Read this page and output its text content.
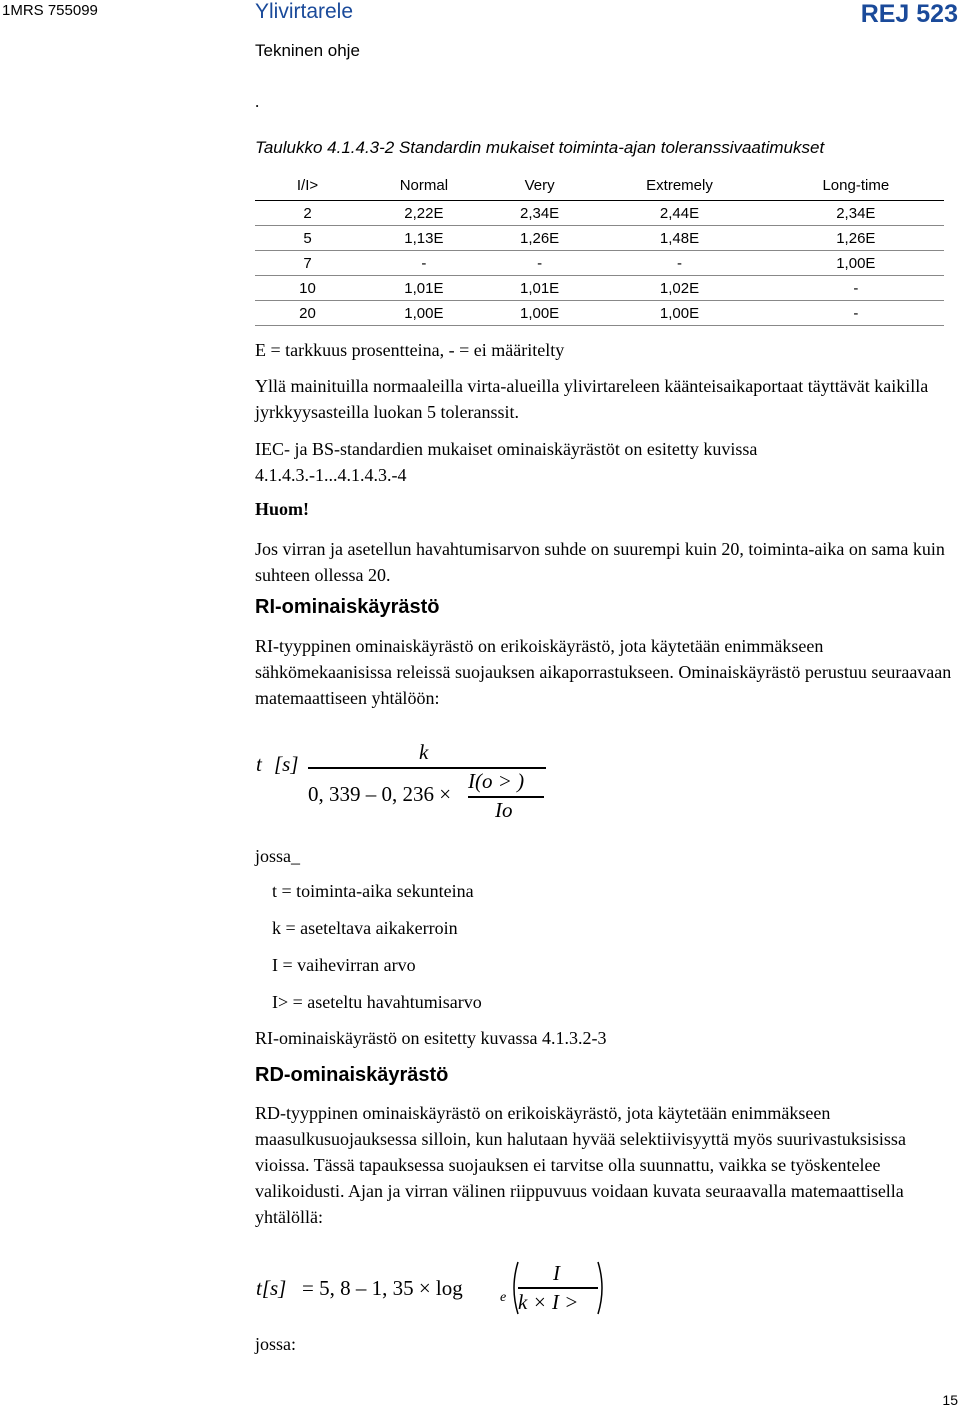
1MRS 755099	Ylivirtarele	REJ 523
Tekninen ohje
.
Taulukko 4.1.4.3-2 Standardin mukaiset toiminta-ajan toleranssivaatimukset
I/I>	Normal	Very	Extremely	Long-time
2	2,22E	2,34E	2,44E	2,34E
5	1,13E	1,26E	1,48E	1,26E
7	-	-	-	1,00E
10	1,01E	1,01E	1,02E	-
20	1,00E	1,00E	1,00E	-
E = tarkkuus prosentteina, - = ei määritelty
Yllä mainituilla normaaleilla virta-alueilla ylivirtareleen käänteisaikaportaat täyttävät kaikilla jyrkkyysasteilla luokan 5 toleranssit.
IEC- ja BS-standardien mukaiset ominaiskäyrästöt on esitetty kuvissa 4.1.4.3.-1...4.1.4.3.-4
Huom!
Jos virran ja asetellun havahtumisarvon suhde on suurempi kuin 20, toiminta-aika on sama kuin suhteen ollessa 20.
RI-ominaiskäyrästö
RI-tyyppinen ominaiskäyrästö on erikoiskäyrästö, jota käytetään enimmäkseen sähkömekaanisissa releissä suojauksen aikaporrastukseen. Ominaiskäyrästö perustuu seuraavaan matemaattiseen yhtälöön:
t [s]	k
0, 339 – 0, 236 ×
I(o > )
Io
jossa_
t = toiminta-aika sekunteina
k = aseteltava aikakerroin
I = vaihevirran arvo
I> = aseteltu havahtumisarvo
RI-ominaiskäyrästö on esitetty kuvassa 4.1.3.2-3
RD-ominaiskäyrästö
RD-tyyppinen ominaiskäyrästö on erikoiskäyrästö, jota käytetään enimmäkseen maasulkusuojauksessa silloin, kun halutaan hyvää selektiivisyyttä myös suurivastuksisissa vioissa. Tässä tapauksessa suojauksen ei tarvitse olla suunnattu, vaikka se työskentelee valikoidusti. Ajan ja virran välinen riippuvuus voidaan kuvata seuraavalla matemaattisella yhtälöllä:
t[s] = 5, 8 – 1, 35 × log	e
I
k × I >
jossa:
15
